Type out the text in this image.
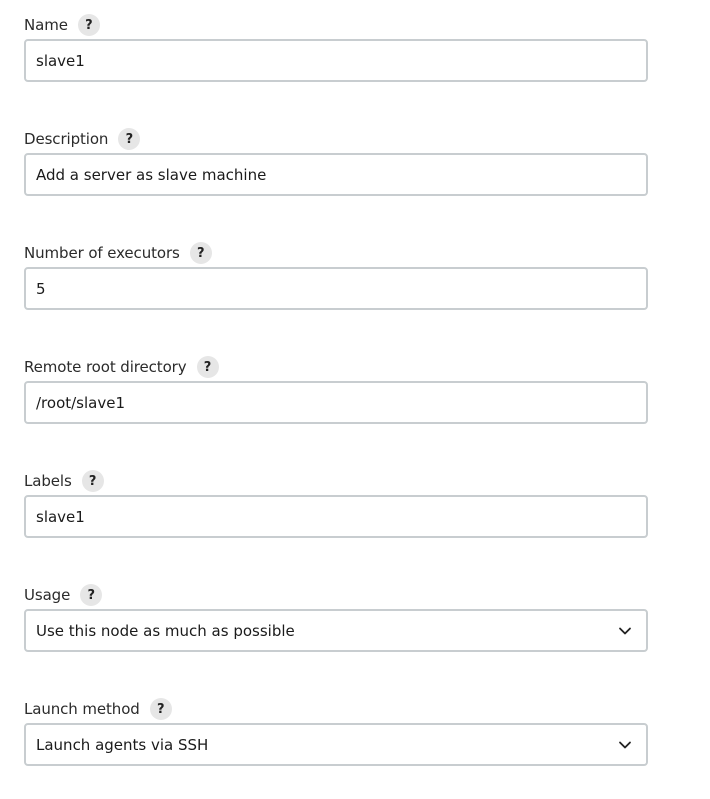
Name	?
slave1
Description	?
Add a server as slave machine
Number of executors	?
5
Remote root directory	?
/root/slave1
Labels	?
slave1
Usage	?
Use this node as much as possible
Launch method	?
Launch agents via SSH
